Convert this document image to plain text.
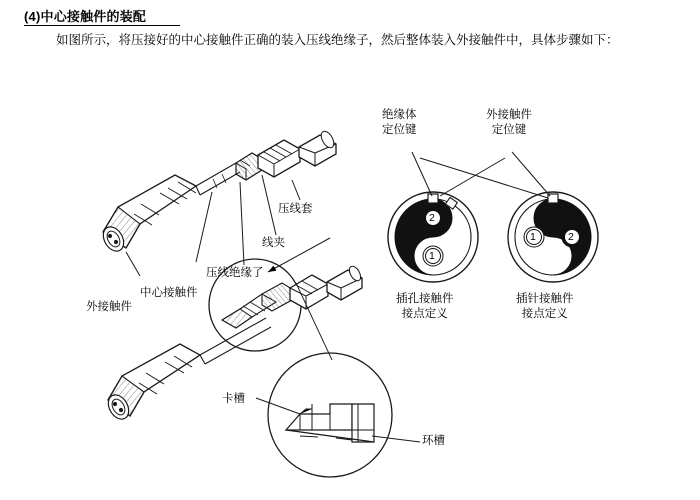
(4)中心接触件的装配
如图所示，将压接好的中心接触件正确的装入压线绝缘子，然后整体装入外接触件中，具体步骤如下：
绝缘体
定位键
外接触件
定位键
压线套
线夹
压线绝缘了
中心接触件
外接触件
插孔接触件
接点定义
插针接触件
接点定义
卡槽
环槽
2
1
1	2
